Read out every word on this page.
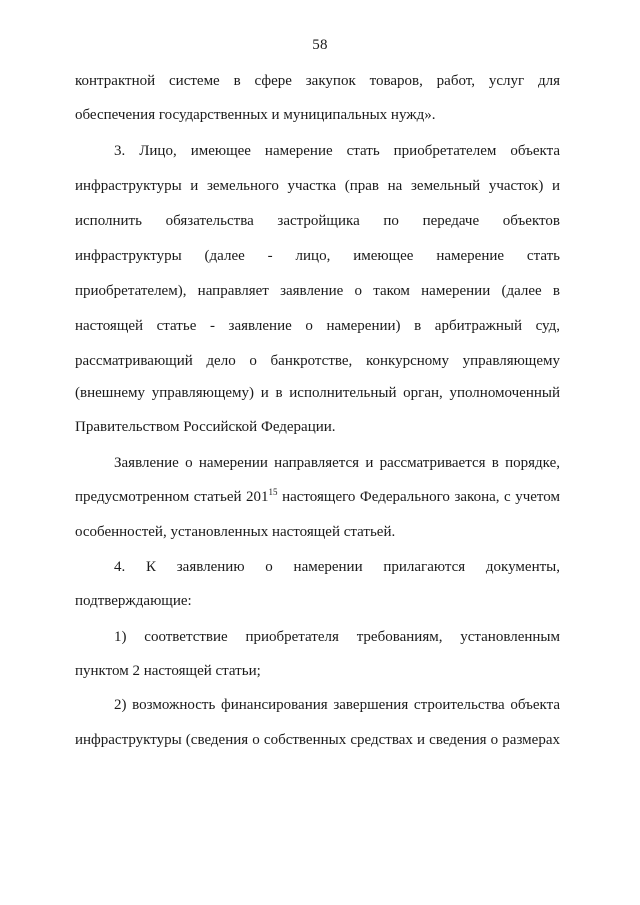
58
контрактной системе в сфере закупок товаров, работ, услуг для
обеспечения государственных и муниципальных нужд».
3. Лицо, имеющее намерение стать приобретателем объекта
инфраструктуры и земельного участка (прав на земельный участок) и
исполнить обязательства застройщика по передаче объектов
инфраструктуры (далее - лицо, имеющее намерение стать
приобретателем), направляет заявление о таком намерении (далее в
настоящей статье - заявление о намерении) в арбитражный суд,
рассматривающий дело о банкротстве, конкурсному управляющему
(внешнему управляющему) и в исполнительный орган, уполномоченный
Правительством Российской Федерации.
Заявление о намерении направляется и рассматривается в порядке,
предусмотренном статьей $201^{15}$ настоящего Федерального закона, с учетом
особенностей, установленных настоящей статьей.
4. К заявлению о намерении прилагаются документы,
подтверждающие:
1) соответствие приобретателя требованиям, установленным
пунктом 2 настоящей статьи;
2) возможность финансирования завершения строительства объекта
инфраструктуры (сведения о собственных средствах и сведения о размерах
